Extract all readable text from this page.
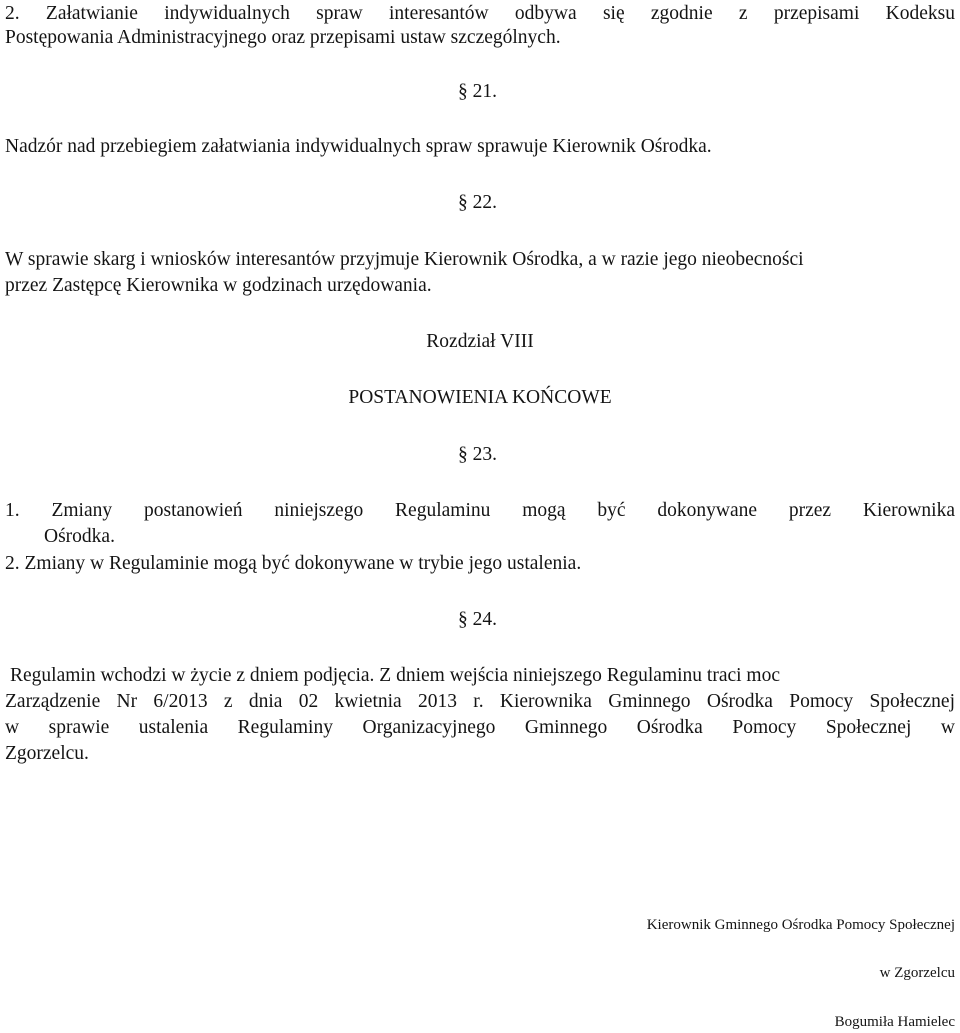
2. Załatwianie indywidualnych spraw interesantów odbywa się zgodnie z przepisami Kodeksu
Postępowania Administracyjnego oraz przepisami ustaw szczególnych.
§ 21.
Nadzór nad przebiegiem załatwiania indywidualnych spraw sprawuje Kierownik Ośrodka.
§ 22.
W sprawie skarg i wniosków interesantów przyjmuje Kierownik Ośrodka, a w razie jego nieobecności
przez Zastępcę Kierownika w godzinach urzędowania.
Rozdział VIII
POSTANOWIENIA KOŃCOWE
§ 23.
1. Zmiany postanowień niniejszego Regulaminu mogą być dokonywane przez Kierownika
Ośrodka.
2. Zmiany w Regulaminie mogą być dokonywane w trybie jego ustalenia.
§ 24.
Regulamin wchodzi w życie z dniem podjęcia. Z dniem wejścia niniejszego Regulaminu traci moc
Zarządzenie Nr 6/2013 z dnia 02 kwietnia 2013 r. Kierownika Gminnego Ośrodka Pomocy Społecznej
w sprawie ustalenia Regulaminy Organizacyjnego Gminnego Ośrodka Pomocy Społecznej w
Zgorzelcu.
Kierownik Gminnego Ośrodka Pomocy Społecznej
w Zgorzelcu
Bogumiła Hamielec
